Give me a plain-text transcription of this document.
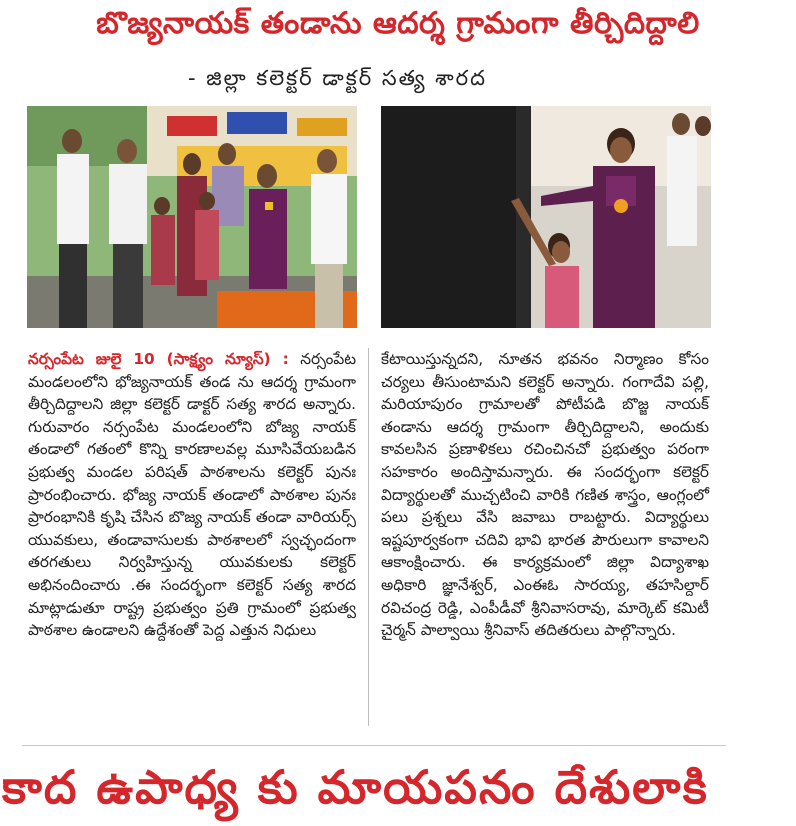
బొజ్యనాయక్ తండాను ఆదర్శ గ్రామంగా తీర్చిదిద్దాలి
- జిల్లా కలెక్టర్ డాక్టర్ సత్య శారద

నర్సంపేట జులై 10 (సాక్ష్యం న్యూస్) : నర్సంపేట మండలంలోని భోజ్యనాయక్ తండ ను ఆదర్శ గ్రామంగా తీర్చిదిద్దాలని జిల్లా కలెక్టర్ డాక్టర్ సత్య శారద అన్నారు. గురువారం నర్సంపేట మండలంలోని బోజ్య నాయక్ తండాలో గతంలో కొన్ని కారణాలవల్ల మూసివేయబడిన ప్రభుత్వ మండల పరిషత్ పాఠశాలను కలెక్టర్ పునః ప్రారంభించారు. భోజ్య నాయక్ తండాలో పాఠశాల పునః ప్రారంభానికి కృషి చేసిన బొజ్య నాయక్ తండా వారియర్స్ యువకులు, తండావాసులకు పాఠశాలలో స్వచ్ఛందంగా తరగతులు నిర్వహిస్తున్న యువకులకు కలెక్టర్ అభినందించారు .ఈ సందర్భంగా కలెక్టర్ సత్య శారద మాట్లాడుతూ రాష్ట్ర ప్రభుత్వం ప్రతి గ్రామంలో ప్రభుత్వ పాఠశాల ఉండాలని ఉద్దేశంతో పెద్ద ఎత్తున నిధులు

కేటాయిస్తున్నదని, నూతన భవనం నిర్మాణం కోసం చర్యలు తీసుంటామని కలెక్టర్ అన్నారు. గంగాదేవి పల్లి, మరియాపురం గ్రామాలతో పోటీపడి బొజ్జ నాయక్ తండాను ఆదర్శ గ్రామంగా తీర్చిదిద్దాలని, అందుకు కావలసిన ప్రణాళికలు రచించినచో ప్రభుత్వం పరంగా సహకారం అందిస్తామన్నారు. ఈ సందర్భంగా కలెక్టర్ విద్యార్థులతో ముచ్చటించి వారికి గణిత శాస్త్రం, ఆంగ్లంలో పలు ప్రశ్నలు వేసి జవాబు రాబట్టారు. విద్యార్థులు ఇష్టపూర్వకంగా చదివి భావి భారత పౌరులుగా కావాలని ఆకాంక్షించారు. ఈ కార్యక్రమంలో జిల్లా విద్యాశాఖ అధికారి జ్ఞానేశ్వర్, ఎంఈఓ సారయ్య, తహసిల్దార్ రవిచంద్ర రెడ్డి, ఎంపీడీవో శ్రీనివాసరావు, మార్కెట్ కమిటీ చైర్మన్ పాల్వాయి శ్రీనివాస్ తదితరులు పాల్గొన్నారు.

కాద ఉపాధ్య కు మాయపనం దేశులాకి
